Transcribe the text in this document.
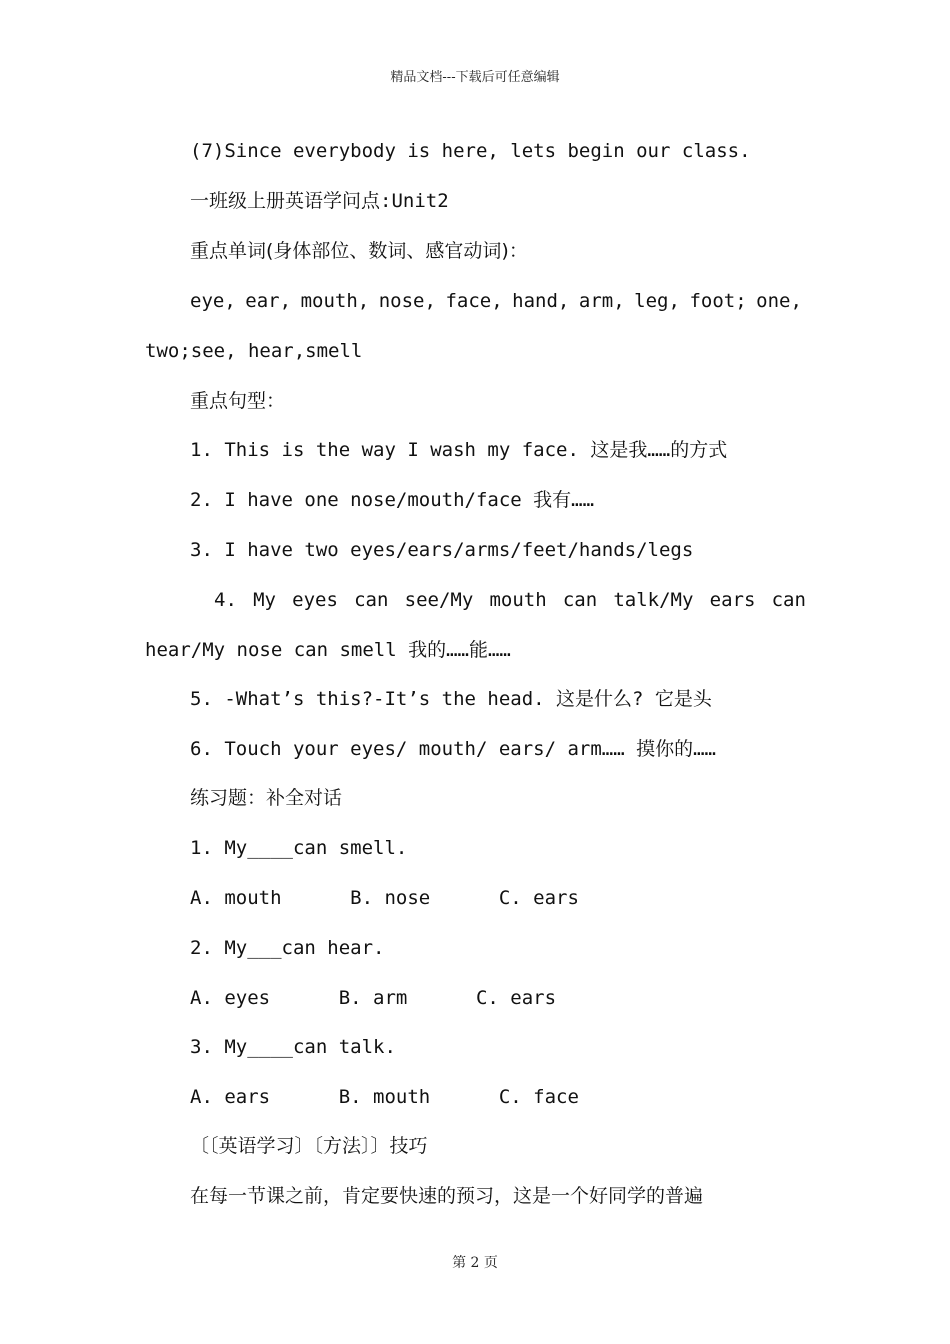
精品文档---下载后可任意编辑
(7)Since everybody is here, lets begin our class.
一班级上册英语学问点:Unit2
重点单词(身体部位、数词、感官动词)：
eye, ear, mouth, nose, face, hand, arm, leg, foot; one,
two;see, hear,smell
重点句型：
1. This is the way I wash my face. 这是我……的方式
2. I have one nose/mouth/face 我有……
3. I have two eyes/ears/arms/feet/hands/legs
4. My eyes can see/My mouth can talk/My ears can
hear/My nose can smell 我的……能……
5. -What’s this?-It’s the head. 这是什么? 它是头
6. Touch your eyes/ mouth/ ears/ arm…… 摸你的……
练习题：补全对话
1. My____can smell.
A. mouth      B. nose      C. ears
2. My___can hear.
A. eyes      B. arm      C. ears
3. My____can talk.
A. ears      B. mouth      C. face
〔〔英语学习〕〔方法〕〕技巧
在每一节课之前，肯定要快速的预习，这是一个好同学的普遍
第 2 页
